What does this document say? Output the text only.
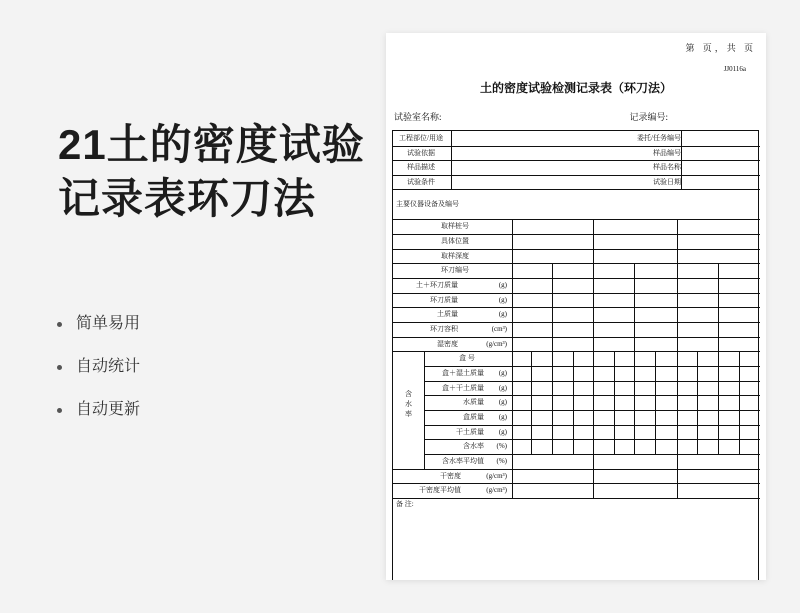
21土的密度试验记录表环刀法
简单易用
自动统计
自动更新
第 页，共 页
JJ0116a
土的密度试验检测记录表（环刀法）
试验室名称:	记录编号:
工程部位/用途	委托/任务编号
试验依据	样品编号
样品描述	样品名称
试验条件	试验日期
主要仪器设备及编号
取样桩号
具体位置
取样深度
环刀编号
土＋环刀质量	(g)
环刀质量	(g)
土质量	(g)
环刀容积	(cm³)
湿密度	(g/cm³)
盒 号
盒＋湿土质量	(g)
盒＋干土质量	(g)
水质量	(g)
盒质量	(g)
干土质量	(g)
含水率	(%)
含水率平均值	(%)
含
水
率
干密度	(g/cm³)
干密度平均值	(g/cm³)
备 注:
